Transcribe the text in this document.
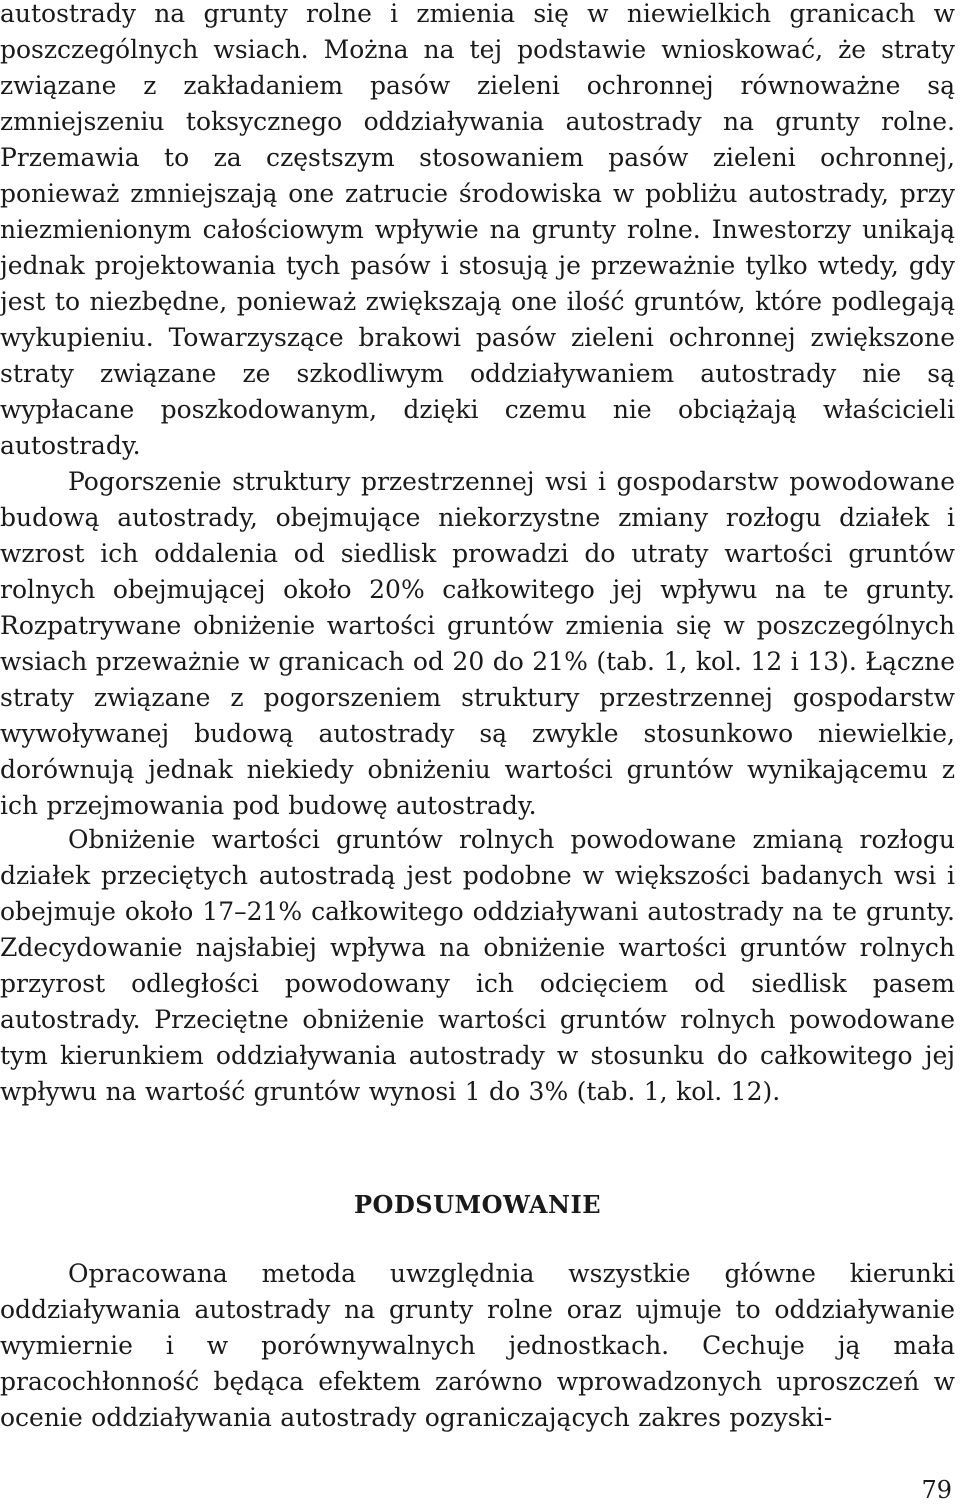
autostrady na grunty rolne i zmienia się w niewielkich granicach w poszczególnych wsiach. Można na tej podstawie wnioskować, że straty związane z zakładaniem pasów zieleni ochronnej równoważne są zmniejszeniu toksycznego oddziaływania autostrady na grunty rolne. Przemawia to za częstszym stosowaniem pasów zieleni ochronnej, ponieważ zmniejszają one zatrucie środowiska w pobliżu autostrady, przy niezmienionym całościowym wpływie na grunty rolne. Inwestorzy unikają jednak projektowania tych pasów i stosują je przeważnie tylko wtedy, gdy jest to niezbędne, ponieważ zwiększają one ilość gruntów, które podlegają wykupieniu. Towarzyszące brakowi pasów zieleni ochronnej zwiększone straty związane ze szkodliwym oddziaływaniem autostrady nie są wypłacane poszkodowanym, dzięki czemu nie obciążają właścicieli autostrady.

Pogorszenie struktury przestrzennej wsi i gospodarstw powodowane budową autostrady, obejmujące niekorzystne zmiany rozłogu działek i wzrost ich oddalenia od siedlisk prowadzi do utraty wartości gruntów rolnych obejmującej około 20% całkowitego jej wpływu na te grunty. Rozpatrywane obniżenie wartości gruntów zmienia się w poszczególnych wsiach przeważnie w granicach od 20 do 21% (tab. 1, kol. 12 i 13). Łączne straty związane z pogorszeniem struktury przestrzennej gospodarstw wywoływanej budową autostrady są zwykle stosunkowo niewielkie, dorównują jednak niekiedy obniżeniu wartości gruntów wynikającemu z ich przejmowania pod budowę autostrady.

Obniżenie wartości gruntów rolnych powodowane zmianą rozłogu działek przeciętych autostradą jest podobne w większości badanych wsi i obejmuje około 17–21% całkowitego oddziaływani autostrady na te grunty. Zdecydowanie najsłabiej wpływa na obniżenie wartości gruntów rolnych przyrost odległości powodowany ich odcięciem od siedlisk pasem autostrady. Przeciętne obniżenie wartości gruntów rolnych powodowane tym kierunkiem oddziaływania autostrady w stosunku do całkowitego jej wpływu na wartość gruntów wynosi 1 do 3% (tab. 1, kol. 12).

PODSUMOWANIE

Opracowana metoda uwzględnia wszystkie główne kierunki oddziaływania autostrady na grunty rolne oraz ujmuje to oddziaływanie wymiernie i w porównywalnych jednostkach. Cechuje ją mała pracochłonność będąca efektem zarówno wprowadzonych uproszczeń w ocenie oddziaływania autostrady ograniczających zakres pozyski-

79
